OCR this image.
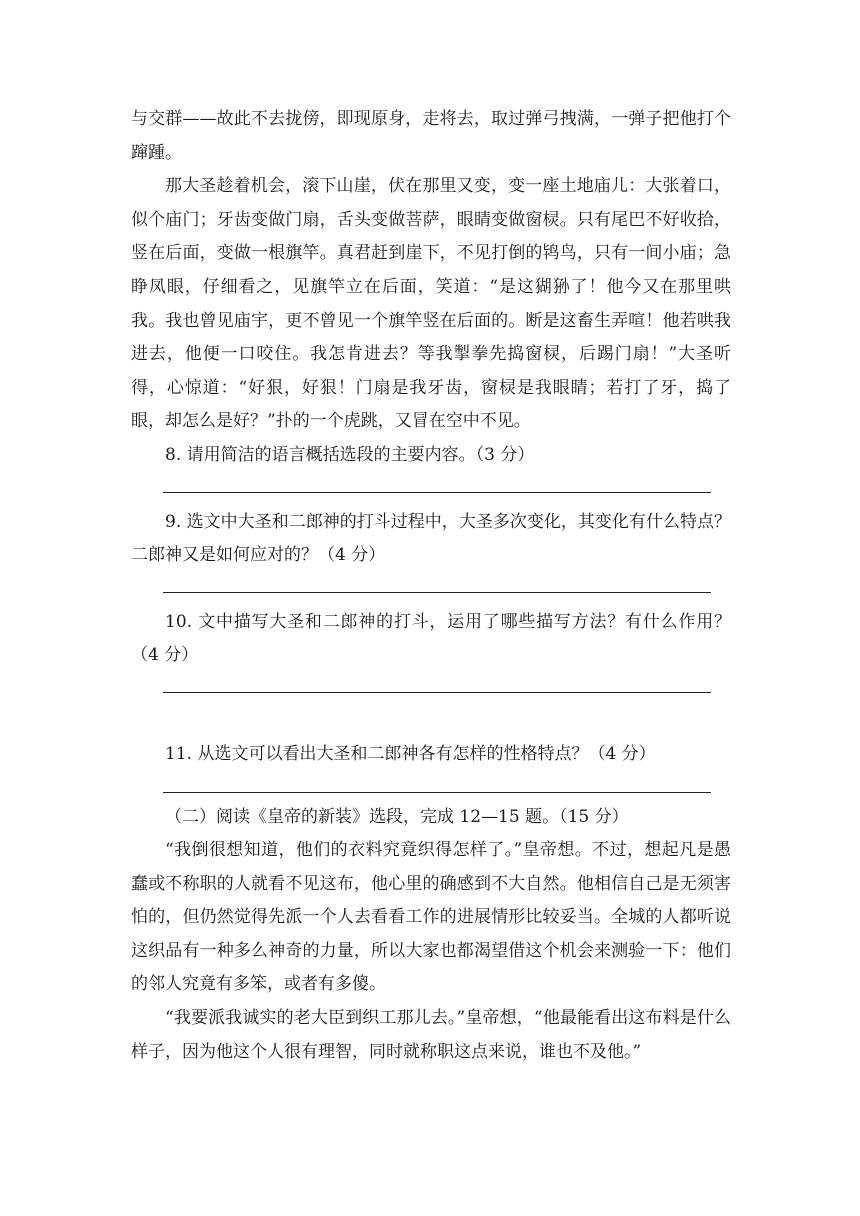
与交群——故此不去拢傍，即现原身，走将去，取过弹弓拽满，一弹子把他打个蹿踵。

那大圣趁着机会，滚下山崖，伏在那里又变，变一座土地庙儿：大张着口，似个庙门；牙齿变做门扇，舌头变做菩萨，眼睛变做窗棂。只有尾巴不好收拾，竖在后面，变做一根旗竿。真君赶到崖下，不见打倒的鸨鸟，只有一间小庙；急睁凤眼，仔细看之，见旗竿立在后面，笑道：“是这猢狲了！他今又在那里哄我。我也曾见庙宇，更不曾见一个旗竿竖在后面的。断是这畜生弄喧！他若哄我进去，他便一口咬住。我怎肯进去？等我掣拳先捣窗棂，后踢门扇！”大圣听得，心惊道：“好狠，好狠！门扇是我牙齿，窗棂是我眼睛；若打了牙，捣了眼，却怎么是好？”扑的一个虎跳，又冒在空中不见。

8. 请用简洁的语言概括选段的主要内容。（3 分）

9. 选文中大圣和二郎神的打斗过程中，大圣多次变化，其变化有什么特点？二郎神又是如何应对的？（4 分）

10. 文中描写大圣和二郎神的打斗，运用了哪些描写方法？有什么作用？（4 分）

11. 从选文可以看出大圣和二郎神各有怎样的性格特点？（4 分）

（二）阅读《皇帝的新装》选段，完成 12—15 题。（15 分）

“我倒很想知道，他们的衣料究竟织得怎样了。”皇帝想。不过，想起凡是愚蠢或不称职的人就看不见这布，他心里的确感到不大自然。他相信自己是无须害怕的，但仍然觉得先派一个人去看看工作的进展情形比较妥当。全城的人都听说这织品有一种多么神奇的力量，所以大家也都渴望借这个机会来测验一下：他们的邻人究竟有多笨，或者有多傻。

“我要派我诚实的老大臣到织工那儿去。”皇帝想，“他最能看出这布料是什么样子，因为他这个人很有理智，同时就称职这点来说，谁也不及他。”
